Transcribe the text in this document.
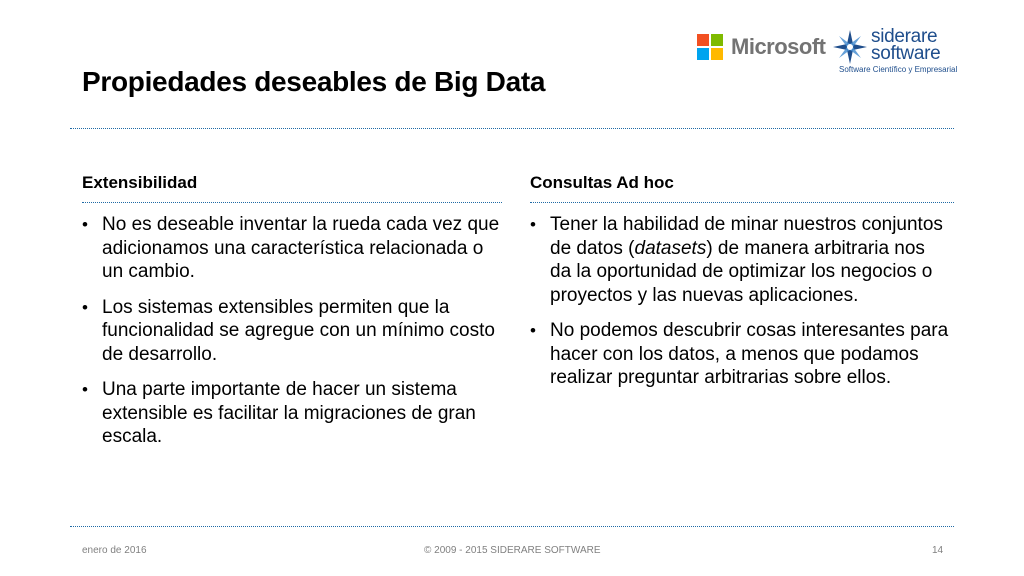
Microsoft siderare
software
Software Científico y Empresarial
Propiedades deseables de Big Data
Extensibilidad
• No es deseable inventar la rueda cada vez que adicionamos una característica relacionada o un cambio.
• Los sistemas extensibles permiten que la funcionalidad se agregue con un mínimo costo de desarrollo.
• Una parte importante de hacer un sistema extensible es facilitar la migraciones de gran escala.
Consultas Ad hoc
• Tener la habilidad de minar nuestros conjuntos de datos (datasets) de manera arbitraria nos da la oportunidad de optimizar los negocios o proyectos y las nuevas aplicaciones.
• No podemos descubrir cosas interesantes para hacer con los datos, a menos que podamos realizar preguntar arbitrarias sobre ellos.
enero de 2016	© 2009 - 2015 SIDERARE SOFTWARE	14
